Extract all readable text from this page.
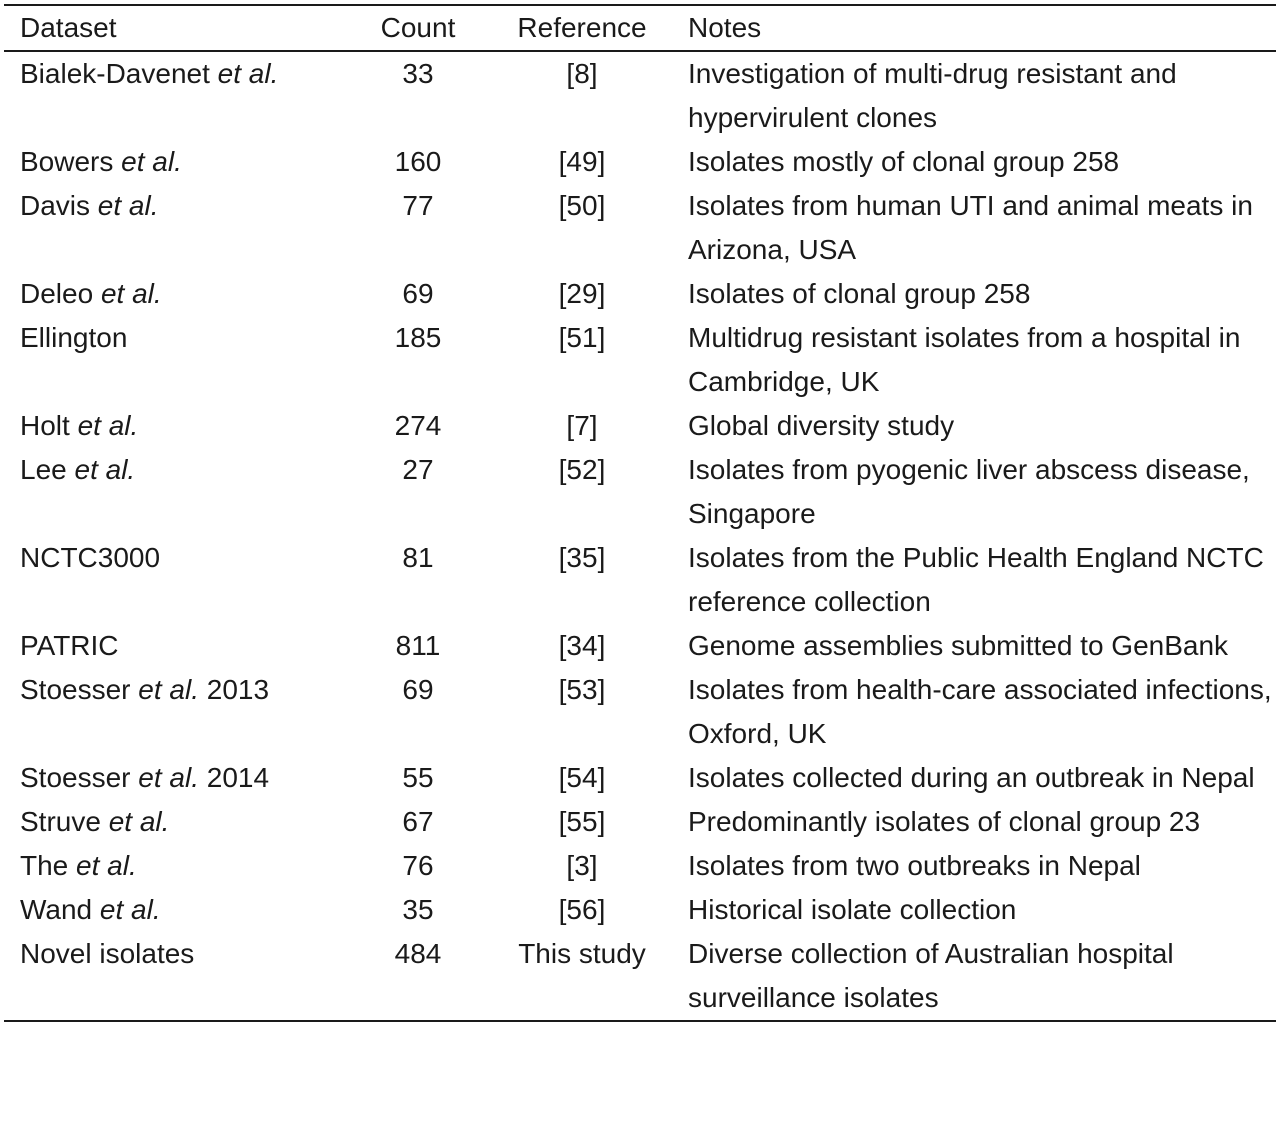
Dataset	Count	Reference	Notes
Bialek-Davenet et al.	33	[8]	Investigation of multi-drug resistant and hypervirulent clones
Bowers et al.	160	[49]	Isolates mostly of clonal group 258
Davis et al.	77	[50]	Isolates from human UTI and animal meats in Arizona, USA
Deleo et al.	69	[29]	Isolates of clonal group 258
Ellington	185	[51]	Multidrug resistant isolates from a hospital in Cambridge, UK
Holt et al.	274	[7]	Global diversity study
Lee et al.	27	[52]	Isolates from pyogenic liver abscess disease, Singapore
NCTC3000	81	[35]	Isolates from the Public Health England NCTC reference collection
PATRIC	811	[34]	Genome assemblies submitted to GenBank
Stoesser et al. 2013	69	[53]	Isolates from health-care associated infections, Oxford, UK
Stoesser et al. 2014	55	[54]	Isolates collected during an outbreak in Nepal
Struve et al.	67	[55]	Predominantly isolates of clonal group 23
The et al.	76	[3]	Isolates from two outbreaks in Nepal
Wand et al.	35	[56]	Historical isolate collection
Novel isolates	484	This study	Diverse collection of Australian hospital surveillance isolates
